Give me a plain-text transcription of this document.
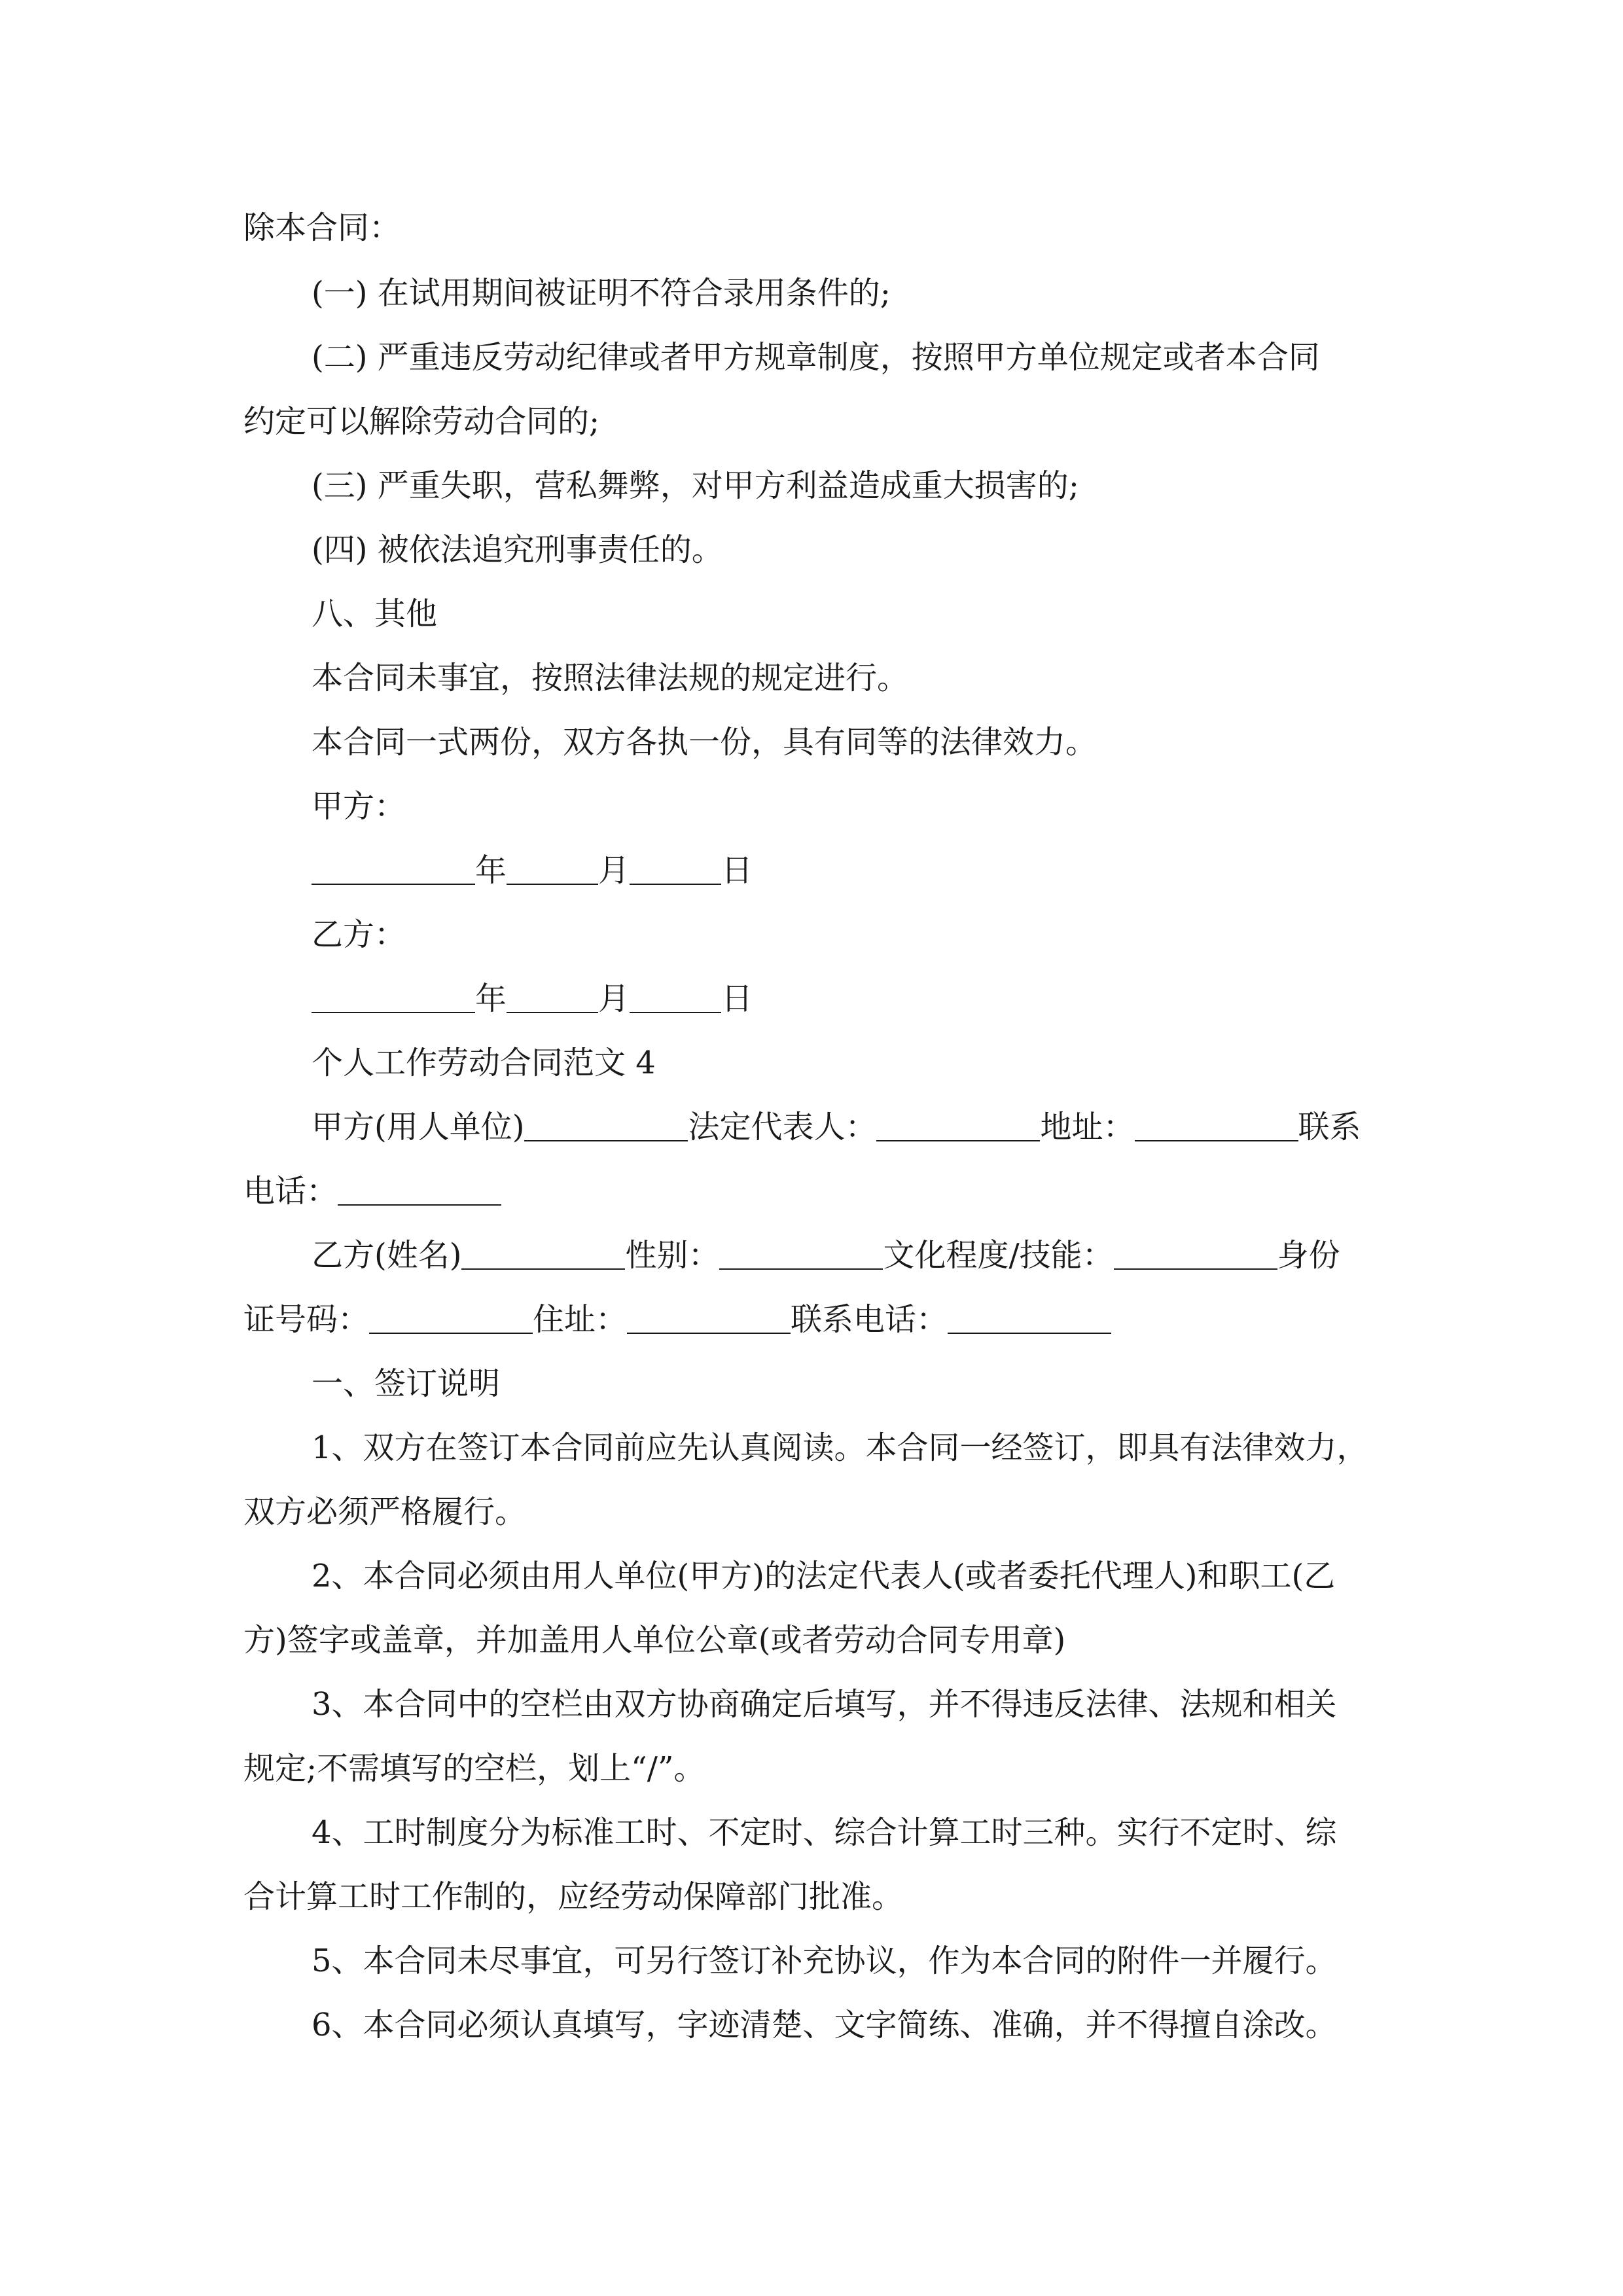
除本合同：
(一) 在试用期间被证明不符合录用条件的;
(二) 严重违反劳动纪律或者甲方规章制度，按照甲方单位规定或者本合同
约定可以解除劳动合同的;
(三) 严重失职，营私舞弊，对甲方利益造成重大损害的;
(四) 被依法追究刑事责任的。
八、其他
本合同未事宜，按照法律法规的规定进行。
本合同一式两份，双方各执一份，具有同等的法律效力。
甲方：
年	月	日
乙方：
年	月	日
个人工作劳动合同范文 4
甲方(用人单位)	法定代表人：	地址：	联系
电话：
乙方(姓名)	性别：	文化程度/技能：	身份
证号码：	住址：	联系电话：
一、签订说明
1、双方在签订本合同前应先认真阅读。本合同一经签订，即具有法律效力，
双方必须严格履行。
2、本合同必须由用人单位(甲方)的法定代表人(或者委托代理人)和职工(乙
方)签字或盖章，并加盖用人单位公章(或者劳动合同专用章)
3、本合同中的空栏由双方协商确定后填写，并不得违反法律、法规和相关
规定;不需填写的空栏，划上“/”。
4、工时制度分为标准工时、不定时、综合计算工时三种。实行不定时、综
合计算工时工作制的，应经劳动保障部门批准。
5、本合同未尽事宜，可另行签订补充协议，作为本合同的附件一并履行。
6、本合同必须认真填写，字迹清楚、文字简练、准确，并不得擅自涂改。
